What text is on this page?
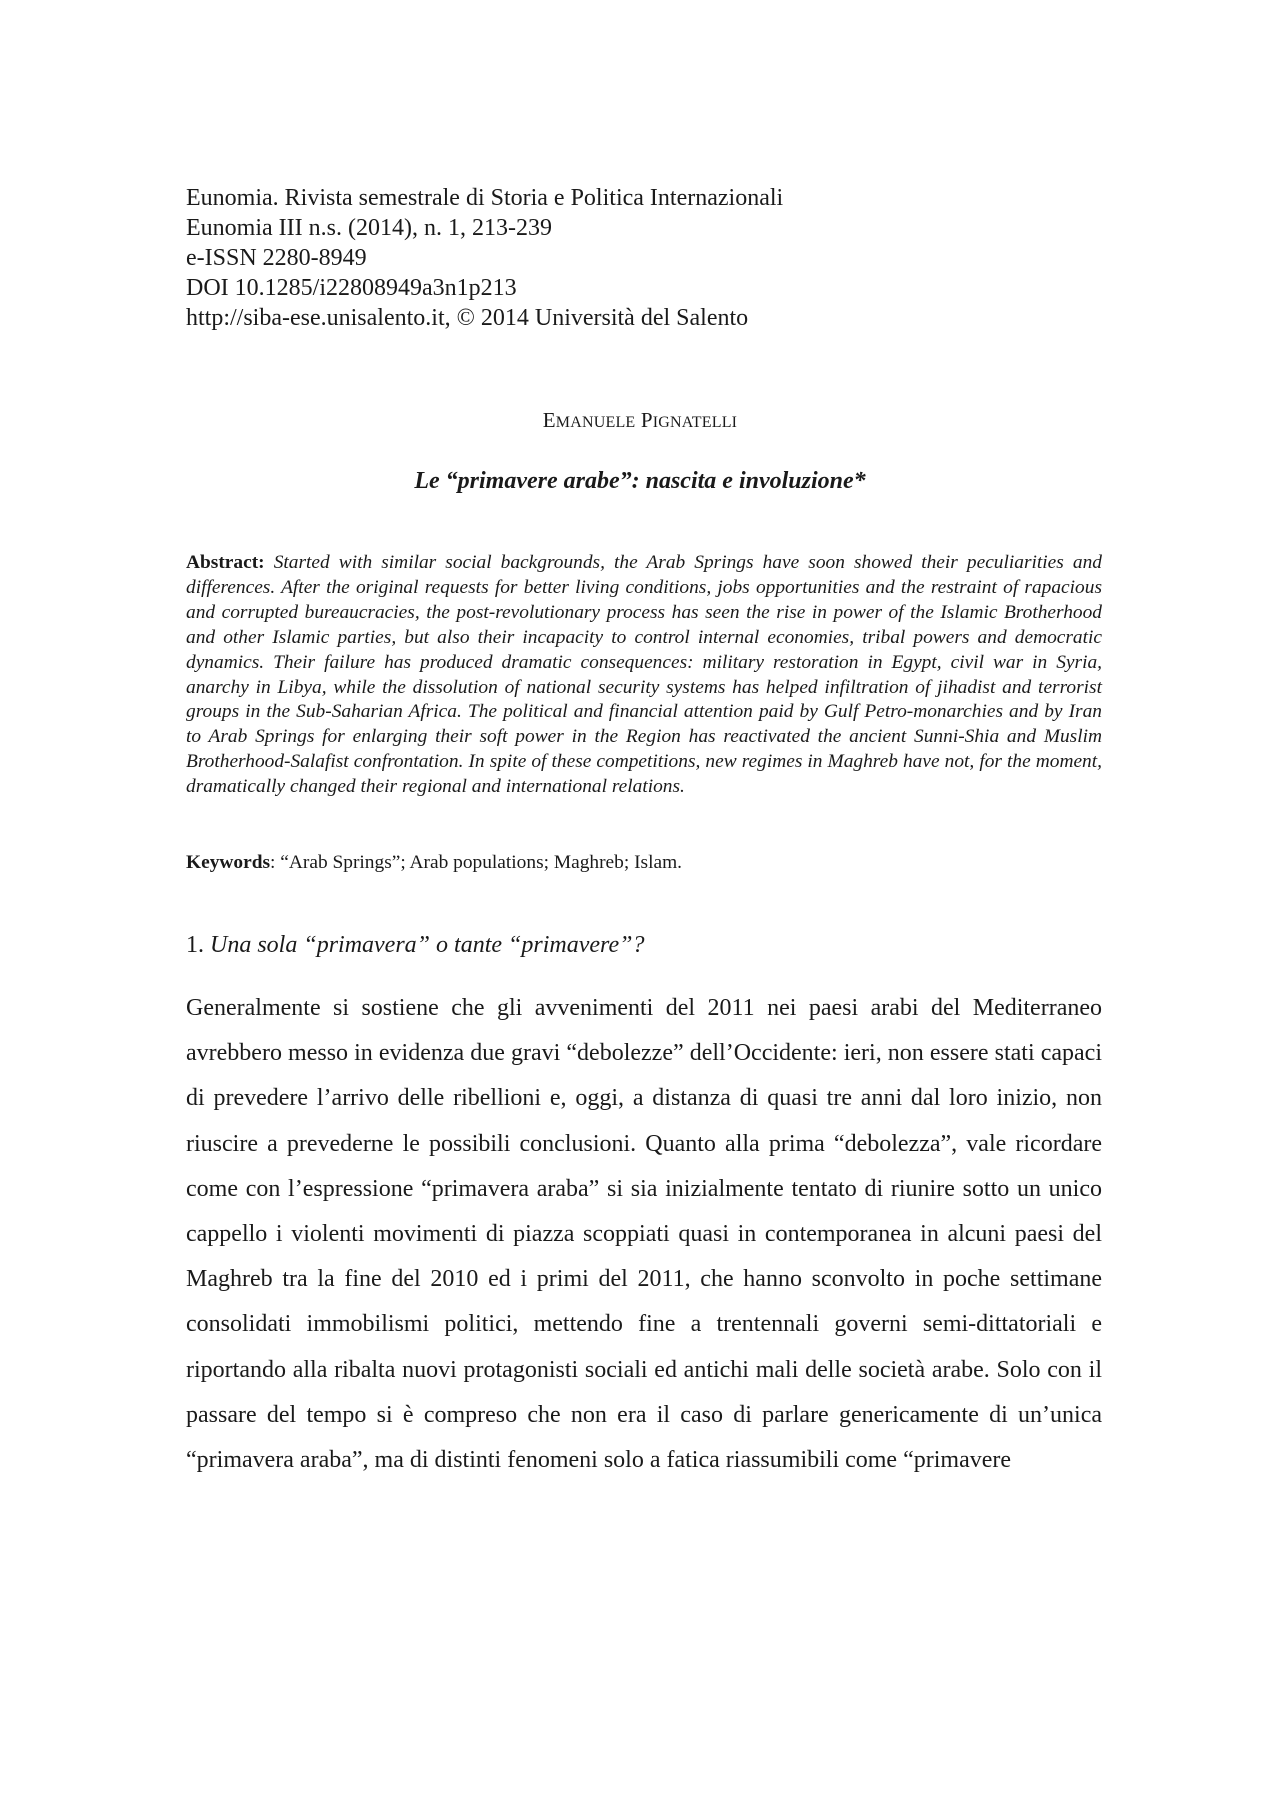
Eunomia. Rivista semestrale di Storia e Politica Internazionali
Eunomia III n.s. (2014), n. 1, 213-239
e-ISSN 2280-8949
DOI 10.1285/i22808949a3n1p213
http://siba-ese.unisalento.it, © 2014 Università del Salento
EMANUELE PIGNATELLI
Le “primavere arabe”: nascita e involuzione*
Abstract: Started with similar social backgrounds, the Arab Springs have soon showed their peculiarities and differences. After the original requests for better living conditions, jobs opportunities and the restraint of rapacious and corrupted bureaucracies, the post-revolutionary process has seen the rise in power of the Islamic Brotherhood and other Islamic parties, but also their incapacity to control internal economies, tribal powers and democratic dynamics. Their failure has produced dramatic consequences: military restoration in Egypt, civil war in Syria, anarchy in Libya, while the dissolution of national security systems has helped infiltration of jihadist and terrorist groups in the Sub-Saharian Africa. The political and financial attention paid by Gulf Petro-monarchies and by Iran to Arab Springs for enlarging their soft power in the Region has reactivated the ancient Sunni-Shia and Muslim Brotherhood-Salafist confrontation. In spite of these competitions, new regimes in Maghreb have not, for the moment, dramatically changed their regional and international relations.
Keywords: “Arab Springs”; Arab populations; Maghreb; Islam.
1. Una sola “primavera” o tante “primavere”?
Generalmente si sostiene che gli avvenimenti del 2011 nei paesi arabi del Mediterraneo avrebbero messo in evidenza due gravi “debolezze” dell’Occidente: ieri, non essere stati capaci di prevedere l’arrivo delle ribellioni e, oggi, a distanza di quasi tre anni dal loro inizio, non riuscire a prevederne le possibili conclusioni. Quanto alla prima “debolezza”, vale ricordare come con l’espressione “primavera araba” si sia inizialmente tentato di riunire sotto un unico cappello i violenti movimenti di piazza scoppiati quasi in contemporanea in alcuni paesi del Maghreb tra la fine del 2010 ed i primi del 2011, che hanno sconvolto in poche settimane consolidati immobilismi politici, mettendo fine a trentennali governi semi-dittatoriali e riportando alla ribalta nuovi protagonisti sociali ed antichi mali delle società arabe. Solo con il passare del tempo si è compreso che non era il caso di parlare genericamente di un’unica “primavera araba”, ma di distinti fenomeni solo a fatica riassumibili come “primavere
